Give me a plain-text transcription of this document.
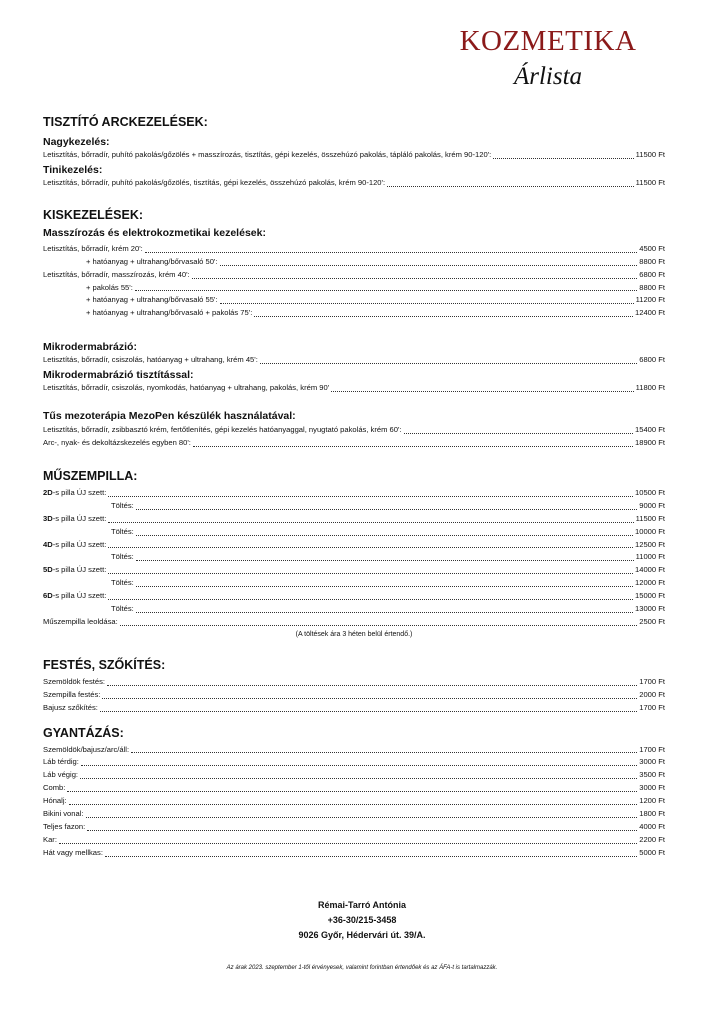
KOZMETIKA
Árlista
TISZTÍTÓ ARCKEZELÉSEK:
Nagykezelés:
Letisztítás, bőrradír, puhító pakolás/gőzölés + masszírozás, tisztítás, gépi kezelés, összehúzó pakolás, tápláló pakolás, krém 90-120':	11500 Ft
Tinikezelés:
Letisztítás, bőrradír, puhító pakolás/gőzölés, tisztítás, gépi kezelés, összehúzó pakolás, krém 90-120':	11500 Ft
KISKEZELÉSEK:
Masszírozás és elektrokozmetikai kezelések:
Letisztítás, bőrradír, krém 20':	4500 Ft
+ hatóanyag + ultrahang/bőrvasaló 50':	8800 Ft
Letisztítás, bőrradír, masszírozás, krém 40':	6800 Ft
+ pakolás 55':	8800 Ft
+ hatóanyag + ultrahang/bőrvasaló 55':	11200 Ft
+ hatóanyag + ultrahang/bőrvasaló + pakolás 75':	12400 Ft
Mikrodermabrázió:
Letisztítás, bőrradír, csiszolás, hatóanyag + ultrahang, krém 45':	6800 Ft
Mikrodermabrázió tisztítással:
Letisztítás, bőrradír, csiszolás, nyomkodás, hatóanyag + ultrahang, pakolás, krém 90'	11800 Ft
Tűs mezoterápia MezoPen készülék használatával:
Letisztítás, bőrradír, zsibbasztó krém, fertőtlenítés, gépi kezelés hatóanyaggal, nyugtató pakolás, krém 60':	15400 Ft
Arc-, nyak- és dekoltázskezelés egyben 80':	18900 Ft
MŰSZEMPILLA:
2D-s pilla ÚJ szett:	10500 Ft
Töltés:	9000 Ft
3D-s pilla ÚJ szett:	11500 Ft
Töltés:	10000 Ft
4D-s pilla ÚJ szett:	12500 Ft
Töltés:	11000 Ft
5D-s pilla ÚJ szett:	14000 Ft
Töltés:	12000 Ft
6D-s pilla ÚJ szett:	15000 Ft
Töltés:	13000 Ft
Műszempilla leoldása:	2500 Ft
(A töltések ára 3 héten belül értendő.)
FESTÉS, SZŐKÍTÉS:
Szemöldök festés:	1700 Ft
Szempilla festés:	2000 Ft
Bajusz szőkítés:	1700 Ft
GYANTÁZÁS:
Szemöldök/bajusz/arc/áll:	1700 Ft
Láb térdig:	3000 Ft
Láb végig:	3500 Ft
Comb:	3000 Ft
Hónalj:	1200 Ft
Bikini vonal:	1800 Ft
Teljes fazon:	4000 Ft
Kar:	2200 Ft
Hát vagy mellkas:	5000 Ft
Rémai-Tarró Antónia
+36-30/215-3458
9026 Győr, Hédervári út. 39/A.
Az árak 2023. szeptember 1-től érvényesek, valamint forintban értendőek és az ÁFA-t is tartalmazzák.
